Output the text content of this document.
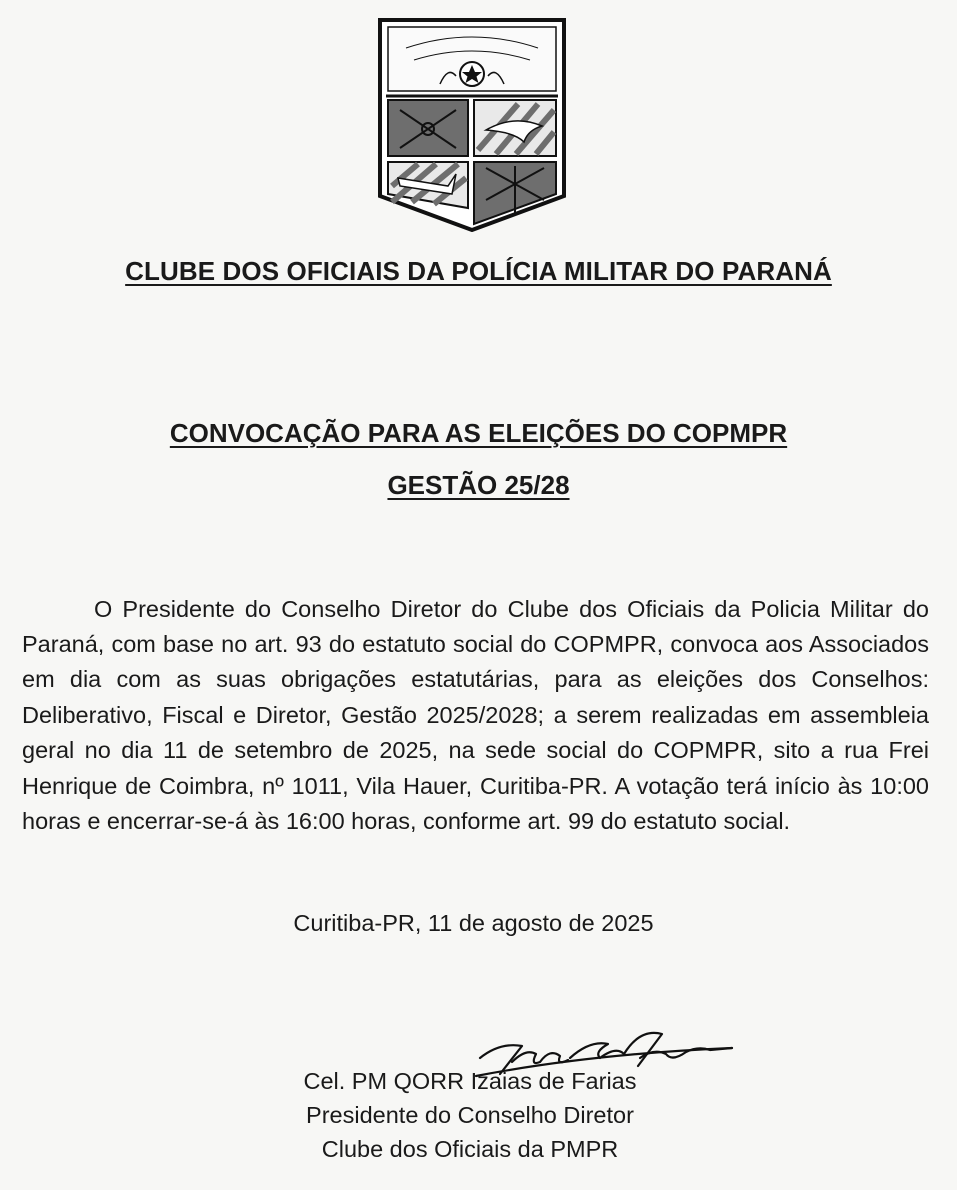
CLUBE DOS OFICIAIS DA POLÍCIA MILITAR DO PARANÁ
CONVOCAÇÃO PARA AS ELEIÇÕES DO COPMPR
GESTÃO 25/28

O Presidente do Conselho Diretor do Clube dos Oficiais da Policia Militar do Paraná, com base no art. 93 do estatuto social do COPMPR, convoca aos Associados em dia com as suas obrigações estatutárias, para as eleições dos Conselhos: Deliberativo, Fiscal e Diretor, Gestão 2025/2028; a serem realizadas em assembleia geral no dia 11 de setembro de 2025, na sede social do COPMPR, sito a rua Frei Henrique de Coimbra, nº 1011, Vila Hauer, Curitiba-PR. A votação terá início às 10:00 horas e encerrar-se-á às 16:00 horas, conforme art. 99 do estatuto social.

Curitiba-PR, 11 de agosto de 2025
Cel. PM QORR Izaias de Farias
Presidente do Conselho Diretor
Clube dos Oficiais da PMPR
